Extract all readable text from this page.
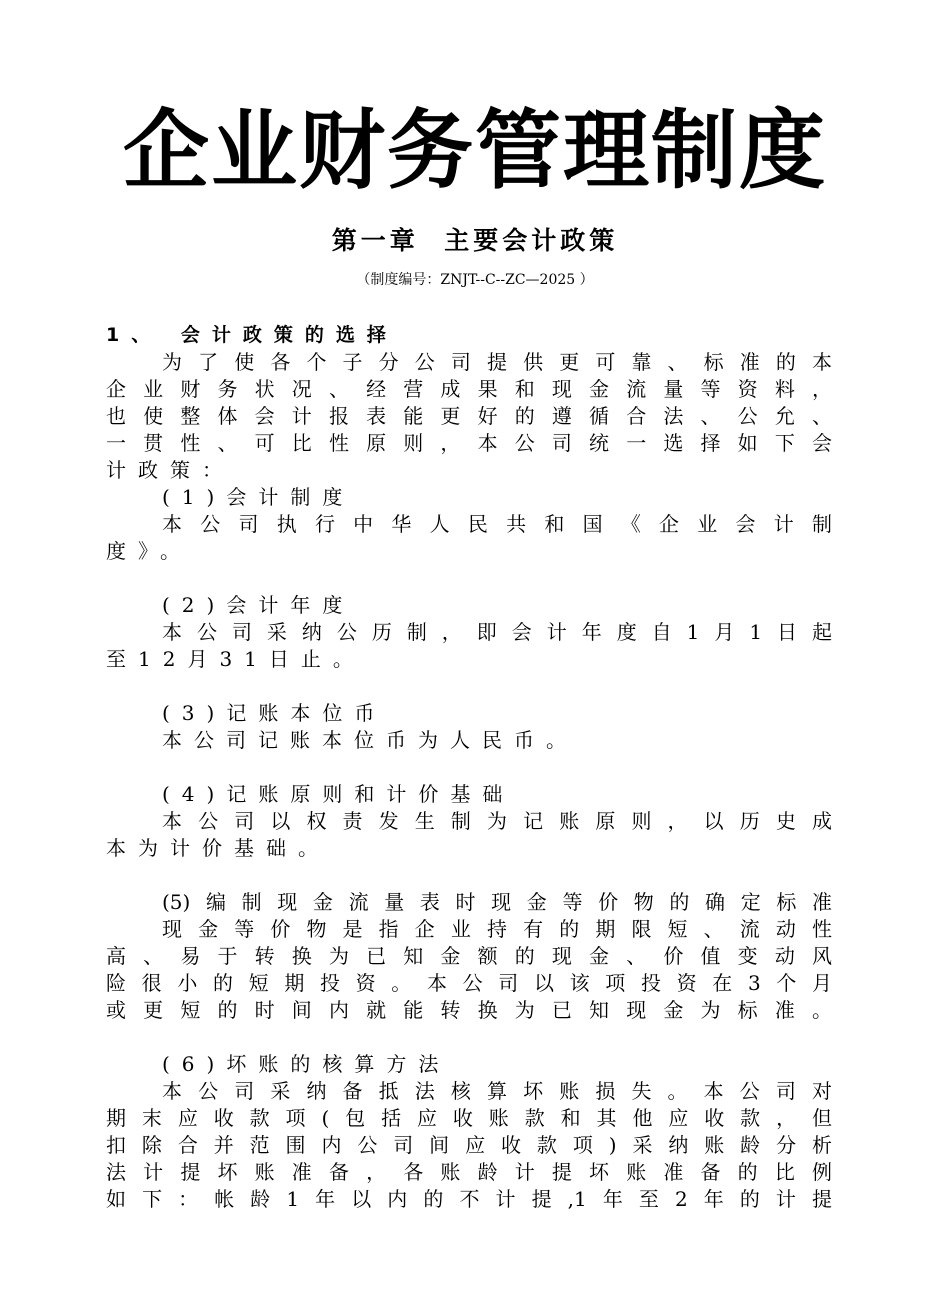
企业财务管理制度
第一章  主要会计政策
（制度编号：ZNJT--C--ZC—2025 ）
1、 会计政策的选择
为了使各个子分公司提供更可靠、标准的本
企业财务状况、经营成果和现金流量等资料，
也使整体会计报表能更好的遵循合法、公允、
一贯性、可比性原则，本公司统一选择如下会
计政策：
(1)会计制度
本公司执行中华人民共和国《企业会计制
度》。
(2)会计年度
本公司采纳公历制，即会计年度自1月1日起
至12月31日止。
(3)记账本位币
本公司记账本位币为人民币。
(4)记账原则和计价基础
本公司以权责发生制为记账原则，以历史成
本为计价基础。
(5)编制现金流量表时现金等价物的确定标准
现金等价物是指企业持有的期限短、流动性
高、易于转换为已知金额的现金、价值变动风
险很小的短期投资。本公司以该项投资在3个月
或更短的时间内就能转换为已知现金为标准。
(6)坏账的核算方法
本公司采纳备抵法核算坏账损失。本公司对
期末应收款项(包括应收账款和其他应收款，但
扣除合并范围内公司间应收款项)采纳账龄分析
法计提坏账准备，各账龄计提坏账准备的比例
如下：帐龄1年以内的不计提,1年至2年的计提
